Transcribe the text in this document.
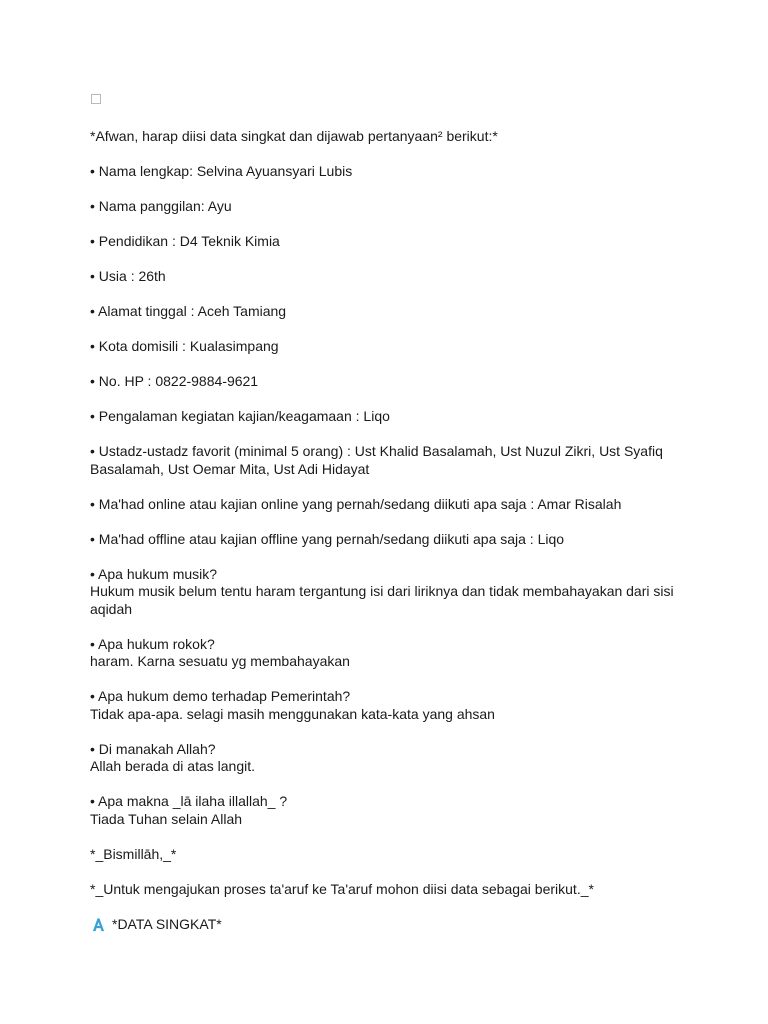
*Afwan, harap diisi data singkat dan dijawab pertanyaan² berikut:*
• Nama lengkap: Selvina Ayuansyari Lubis
• Nama panggilan: Ayu
• Pendidikan : D4 Teknik Kimia
• Usia : 26th
• Alamat tinggal : Aceh Tamiang
• Kota domisili : Kualasimpang
• No. HP : 0822-9884-9621
• Pengalaman kegiatan kajian/keagamaan : Liqo
• Ustadz-ustadz favorit (minimal 5 orang) : Ust Khalid Basalamah, Ust Nuzul Zikri, Ust Syafiq Basalamah, Ust Oemar Mita, Ust Adi Hidayat
• Ma'had online atau kajian online yang pernah/sedang diikuti apa saja : Amar Risalah
• Ma'had offline atau kajian offline yang pernah/sedang diikuti apa saja : Liqo
• Apa hukum musik?
Hukum musik belum tentu haram tergantung isi dari liriknya dan tidak membahayakan dari sisi aqidah
• Apa hukum rokok?
haram. Karna sesuatu yg membahayakan
• Apa hukum demo terhadap Pemerintah?
Tidak apa-apa. selagi masih menggunakan kata-kata yang ahsan
• Di manakah Allah?
Allah berada di atas langit.
• Apa makna _lā ilaha illallah_ ?
Tiada Tuhan selain Allah
*_Bismillāh,_*
*_Untuk mengajukan proses ta'aruf ke Ta'aruf mohon diisi data sebagai berikut._*
*DATA SINGKAT*
